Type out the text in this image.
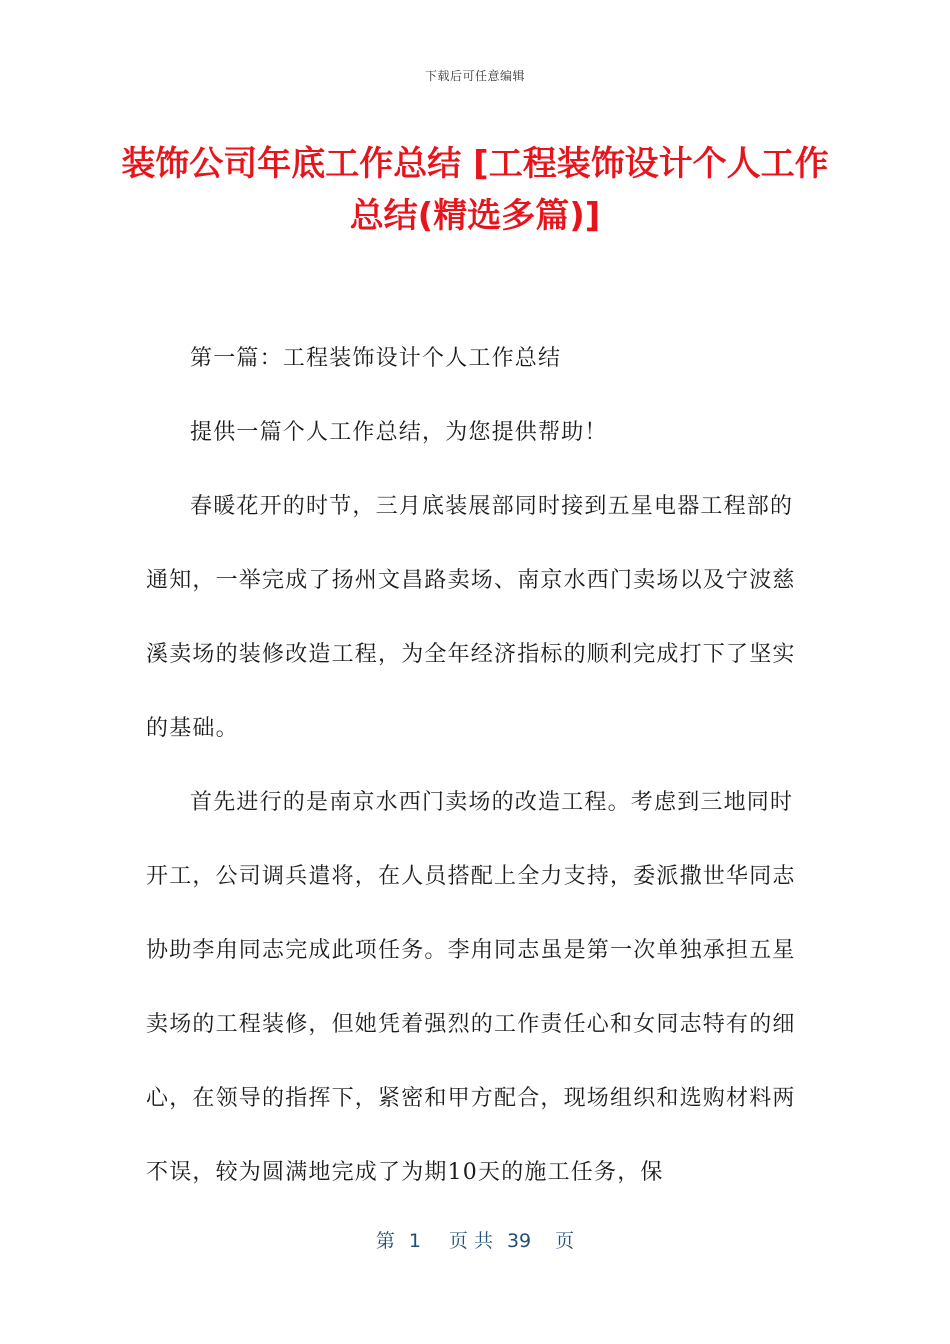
下载后可任意编辑
装饰公司年底工作总结 [工程装饰设计个人工作总结(精选多篇)]

第一篇：工程装饰设计个人工作总结

提供一篇个人工作总结，为您提供帮助！

春暖花开的时节，三月底装展部同时接到五星电器工程部的通知，一举完成了扬州文昌路卖场、南京水西门卖场以及宁波慈溪卖场的装修改造工程，为全年经济指标的顺利完成打下了坚实的基础。

首先进行的是南京水西门卖场的改造工程。考虑到三地同时开工，公司调兵遣将，在人员搭配上全力支持，委派撒世华同志协助李甪同志完成此项任务。李甪同志虽是第一次单独承担五星卖场的工程装修，但她凭着强烈的工作责任心和女同志特有的细心，在领导的指挥下，紧密和甲方配合，现场组织和选购材料两不误，较为圆满地完成了为期10天的施工任务，保

第 1 页 共 39 页
